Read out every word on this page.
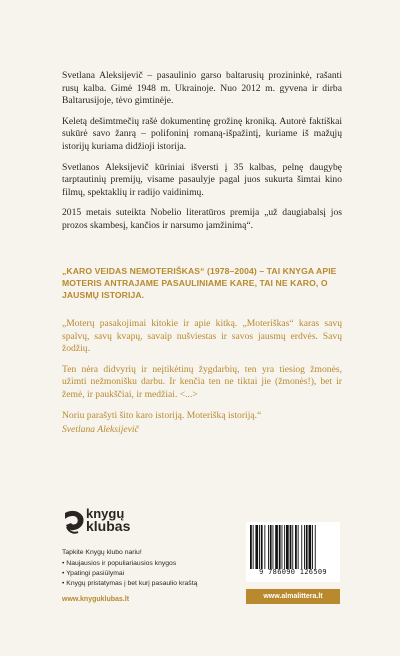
Svetlana Aleksijevič – pasaulinio garso baltarusių prozininkė, rašanti rusų kalba. Gimė 1948 m. Ukrainoje. Nuo 2012 m. gyvena ir dirba Baltarusijoje, tėvo gimtinėje.

Keletą dešimtmečių rašė dokumentinę grožinę kroniką. Autorė faktiškai sukūrė savo žanrą – polifoninį romaną-išpažintį, kuriame iš mažųjų istorijų kuriama didžioji istorija.

Svetlanos Aleksijevič kūriniai išversti į 35 kalbas, pelnę daugybę tarptautinių premijų, visame pasaulyje pagal juos sukurta šimtai kino filmų, spektaklių ir radijo vaidinimų.

2015 metais suteikta Nobelio literatūros premija „už daugiabalsį jos prozos skambesį, kančios ir narsumo įamžinimą“.

„KARO VEIDAS NEMOTERIŠKAS“ (1978–2004) – TAI KNYGA APIE MOTERIS ANTRAJAME PASAULINIAME KARE, TAI NE KARO, O JAUSMŲ ISTORIJA.

„Moterų pasakojimai kitokie ir apie kitką. „Moteriškas“ karas savų spalvų, savų kvapų, savaip nušviestas ir savos jausmų erdvės. Savų žodžių.

Ten nėra didvyrių ir neįtikėtinų žygdarbių, ten yra tiesiog žmonės, užimti nežmonišku darbu. Ir kenčia ten ne tiktai jie (žmonės!), bet ir žemė, ir paukščiai, ir medžiai. <...>

Noriu parašyti šito karo istoriją. Moterišką istoriją.“

Svetlana Aleksijevič

knygų
klubas
Tapkite Knygų klubo nariu!
• Naujausios ir populiariausios knygos
• Ypatingi pasiūlymai
• Knygų pristatymas į bet kurį pasaulio kraštą
www.knyguklubas.lt
9 786090 126509
www.almalittera.lt
